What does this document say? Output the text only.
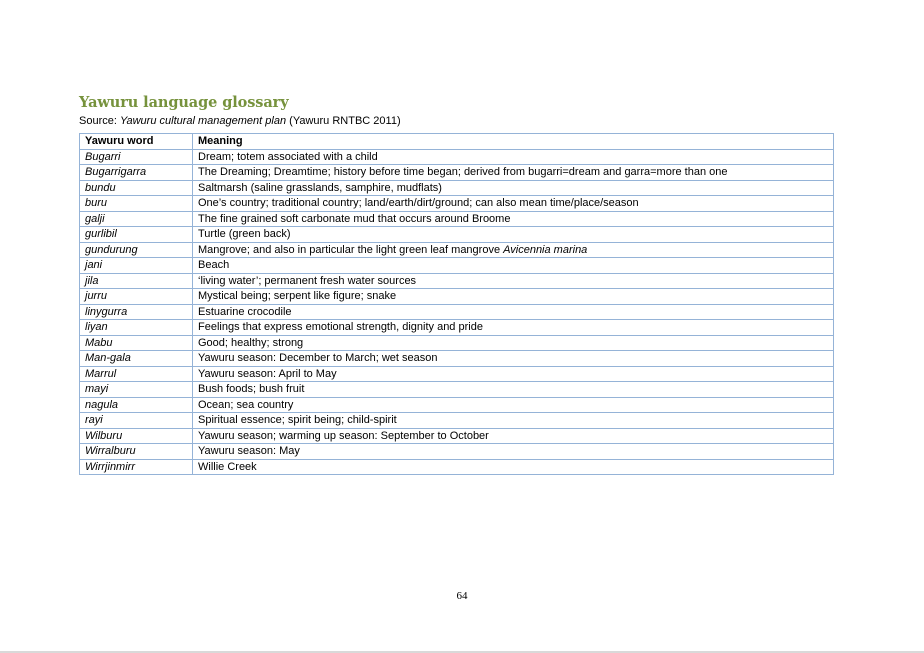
Yawuru language glossary
Source: Yawuru cultural management plan (Yawuru RNTBC 2011)
Yawuru word	Meaning
Bugarri	Dream; totem associated with a child
Bugarrigarra	The Dreaming; Dreamtime; history before time began; derived from bugarri=dream and garra=more than one
bundu	Saltmarsh (saline grasslands, samphire, mudflats)
buru	One’s country; traditional country; land/earth/dirt/ground; can also mean time/place/season
galji	The fine grained soft carbonate mud that occurs around Broome
gurlibil	Turtle (green back)
gundurung	Mangrove; and also in particular the light green leaf mangrove Avicennia marina
jani	Beach
jila	‘living water’; permanent fresh water sources
jurru	Mystical being; serpent like figure; snake
linygurra	Estuarine crocodile
liyan	Feelings that express emotional strength, dignity and pride
Mabu	Good; healthy; strong
Man-gala	Yawuru season: December to March; wet season
Marrul	Yawuru season: April to May
mayi	Bush foods; bush fruit
nagula	Ocean; sea country
rayi	Spiritual essence; spirit being; child-spirit
Wilburu	Yawuru season; warming up season: September to October
Wirralburu	Yawuru season: May
Wirrjinmirr	Willie Creek
64
